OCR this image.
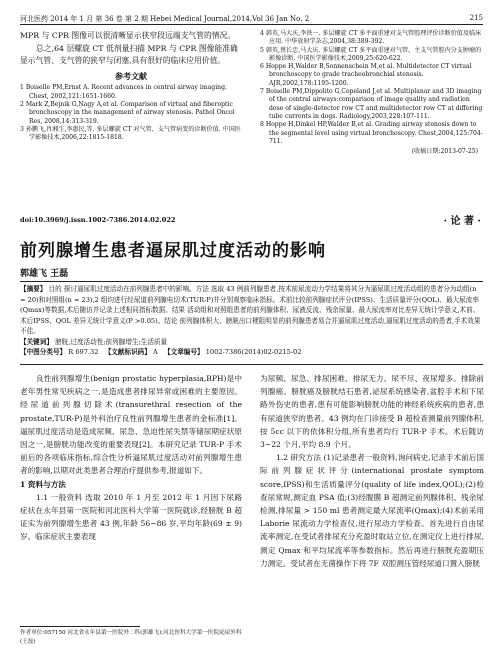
河北医药 2014 年 1 月 第 36 卷 第 2 期 Hebei Medical Journal,2014,Vol 36 Jan No. 2	215

MPR 与 CPR 图像可以很清晰显示狭窄段远端支气管的情况。

总之,64 层螺旋 CT 低剂量扫描 MPR 与 CPR 图像能准确显示气管、支气管的狭窄与闭塞,具有很好的临床应用价值。

参考文献
1 Boiselle PM,Ernst A. Recent advances in central airway imaging. Chest, 2002,121:1651-1660.
2 Mark Z,Bejnik G,Nagy A,et al. Comparison of virtual and fiberoptic bronchoscopy in the management of airway stenosis. Pathol Oncol Res, 2008,14:313-319.
3 孙鹏飞,肖湘生,李惠民,等. 多层螺旋 CT 对气管、支气管病变的诊断价值. 中国医学影像技术,2006,22:1815-1818.
4 韩英,马大庆,李铁一. 多层螺旋 CT 多平面重建对支气管腔理评价诊断价值及临床应用. 中华放射学杂志,2004,38:389-392.
5 韩英,蔡长忠,马大庆. 多层螺旋 CT 多平面重建对气管、主支气管腔内分支肿瘤的影像诊断. 中国医学影像技术,2009,25:620-622.
6 Hoppe H,Walder B,Sonnenschein M,et al. Multidetector CT virtual bronchoscopy to grade tracheobronchial stenosis. AJR,2002,178:1195-1200.
7 Boiselle PM,Dippolito G,Copeland J,et al. Multiplanar and 3D imaging of the central airways:comparison of image quality and radiation dose of single-detector row CT and multidetector row CT at differing tube currents in dogs. Radiology,2003,228:107-111.
8 Hoppe H,Dinkel HP,Walder B,et al. Grading airway stenosis down to the segmental level using virtual bronchoscopy. Chest,2004,125:704-711.
(收稿日期:2013-07-25)
doi:10.3969/j.issn.1002-7386.2014.02.022	· 论 著 ·
前列腺增生患者逼尿肌过度活动的影响
郭雄飞 王磊

【摘要】 目的 探讨逼尿肌过度活动在前列腺患者中的影响。方法 选取 43 例前列腺患者,按术前尿流动力学结果将其分为逼尿肌过度活动组的患者分为动组(n = 20)和对照组(n = 23),2 组均进行经尿道前列腺电切术(TUR-P)并分别观察临床指标。术前比较前列腺症状评分(IPSS)、生活质量评分(QOL)、最大尿流率(Qmax)等数据,术后随访并记录上述相同指标数据。结果 活动组和对照组患者的前列腺体积、尿液反流、残余尿量、最大尿流率对比差异无统计学意义,术前、术后IPSS、QOL 差异无统计学意义(P >0.05)。结论 前列腺体积大、膀胱出口梗阻明显的前列腺患者易合并逼尿肌过度活动,逼尿肌过度活动的患者,手术效果不佳。

【关键词】 膀胱,过度活动性;前列腺增生;生活质量

【中图分类号】 R 697.32 【文献标识码】 A 【文章编号】 1002-7386(2014)02-0215-02

良性前列腺增生(benign prostatic hyperplasia,BPH)是中老年男性常见疾病之一,是造成患者排尿异常或困难的主要原因。经尿道前列腺切除术(transurethral resection of the prostate,TUR-P)是外科治疗良性前列腺增生患者的金标准[1]。逼尿肌过度活动是造成尿频、尿急、急迫性尿失禁等储尿期症状原因之一,是膀胱功能改变的重要表现[2]。本研究记录 TUR-P 手术前后的各项临床指标,综合性分析逼尿肌过度活动对前列腺增生患者的影响,以期对此类患者合理治疗提供参考,报道如下。

1 资料与方法

1.1 一般资料 选取 2010 年 1 月至 2012 年 1 月因下尿路症状在永年县第一医院和河北医科大学第一医院就诊,经膀胱 B 超证实为前列腺增生患者 43 例,年龄 56~86 岁,平均年龄(69 ± 9)岁。临床症状主要表现

作者单位:057150 河北省永年县第一医院外二科(郭雄飞);河北医科大学第一医院泌尿外科(王磊)

为尿频、尿急、排尿困难、排尿无力、尿不尽、夜尿增多。排除前列腺癌、膀胱癌及膀胱结石患者,泌尿系统感染者,盆腔手术和下尿路外伤史的患者,患有可能影响膀胱功能的神经系统疾病的患者,患有尿道狭窄的患者。43 例均在门诊接受 B 超检查测量前列腺体积,按 5cc 以下的依体积分组,所有患者均行 TUR-P 手术。术后随访 3~22 个月,平均 8.9 个月。

1.2 研究方法 (1)记录患者一般资料,询问病史,记录手术前后国际前列腺症状评分(international prostate symptom score,IPSS)和生活质量评分(quality of life index,QOL);(2)检查尿常规,测定血 PSA 值;(3)经腹膜 B 超测定前列腺体积、残余尿检测,排尿量 > 150 ml 患者测定最大尿流率(Qmax);(4)术前采用 Laborie 尿流动力学检查仪,进行尿动力学检查。首先进行自由尿流率测定,在受试者排尿充分充盈时取站立位,在测定仪上进行排尿,测定 Qmax 和平均尿流率等参数指标。然后再进行膀胱充盈期压力测定。受试者在无菌操作下将 7F 双腔测压管经尿道口置入膀胱
